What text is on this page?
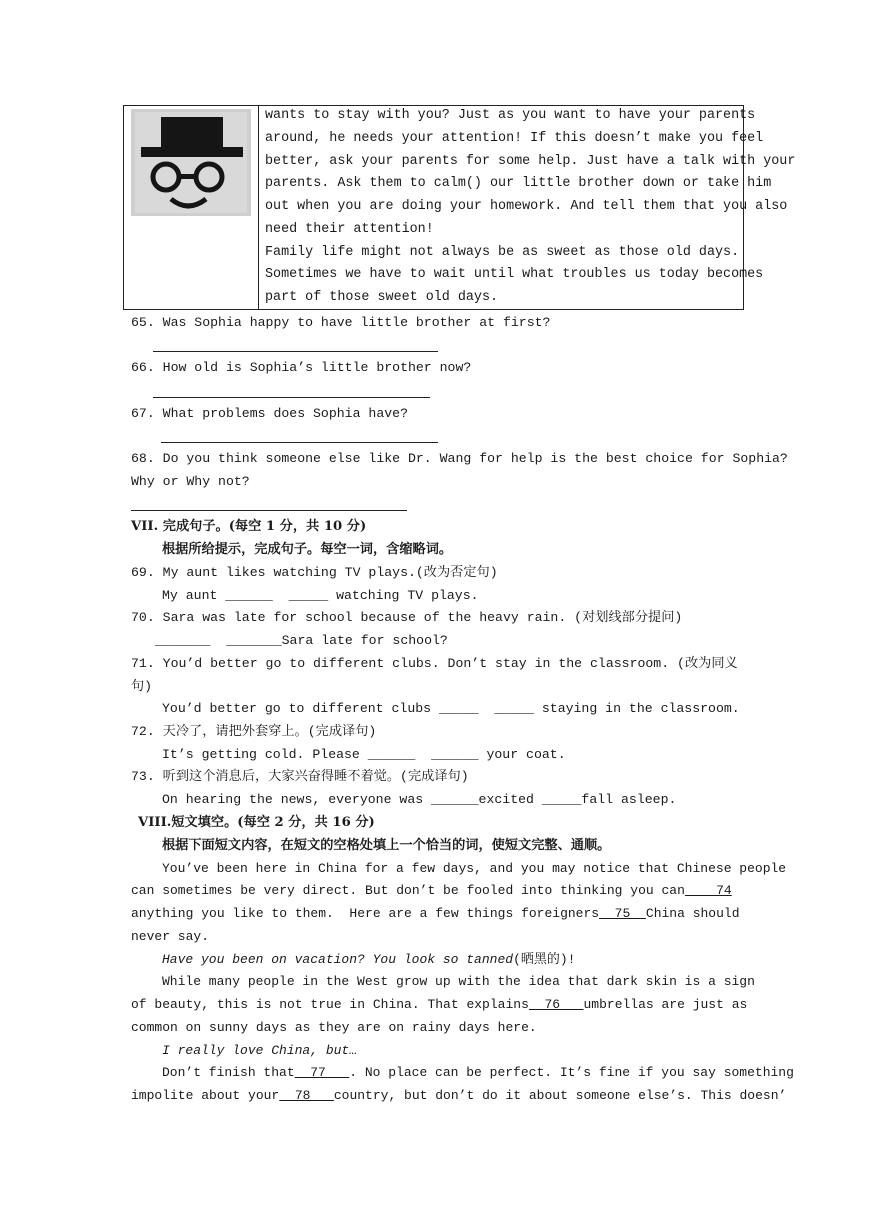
wants to stay with you? Just as you want to have your parents
around, he needs your attention! If this doesn’t make you feel
better, ask your parents for some help. Just have a talk with your
parents. Ask them to calm() our little brother down or take him
out when you are doing your homework. And tell them that you also
need their attention!
Family life might not always be as sweet as those old days.
Sometimes we have to wait until what troubles us today becomes
part of those sweet old days.
65. Was Sophia happy to have little brother at first?
66. How old is Sophia’s little brother now?
67. What problems does Sophia have?
68. Do you think someone else like Dr. Wang for help is the best choice for Sophia?
Why or Why not?
VII. 完成句子。(每空 1 分，共 10 分)
根据所给提示，完成句子。每空一词，含缩略词。
69. My aunt likes watching TV plays.(改为否定句)
My aunt ______  _____ watching TV plays.
70. Sara was late for school because of the heavy rain. (对划线部分提问)
_______  _______Sara late for school?
71. You’d better go to different clubs. Don’t stay in the classroom. (改为同义
句)
You’d better go to different clubs _____  _____ staying in the classroom.
72. 天冷了，请把外套穿上。(完成译句)
It’s getting cold. Please ______  ______ your coat.
73. 听到这个消息后，大家兴奋得睡不着觉。(完成译句)
On hearing the news, everyone was ______excited _____fall asleep.
VIII.短文填空。(每空 2 分，共 16 分)
根据下面短文内容，在短文的空格处填上一个恰当的词，使短文完整、通顺。
You’ve been here in China for a few days, and you may notice that Chinese people
can sometimes be very direct. But don’t be fooled into thinking you can    74
anything you like to them.  Here are a few things foreigners  75  China should
never say.
Have you been on vacation? You look so tanned(晒黑的)!
While many people in the West grow up with the idea that dark skin is a sign
of beauty, this is not true in China. That explains  76   umbrellas are just as
common on sunny days as they are on rainy days here.
I really love China, but…
Don’t finish that  77   . No place can be perfect. It’s fine if you say something
impolite about your  78   country, but don’t do it about someone else’s. This doesn’
